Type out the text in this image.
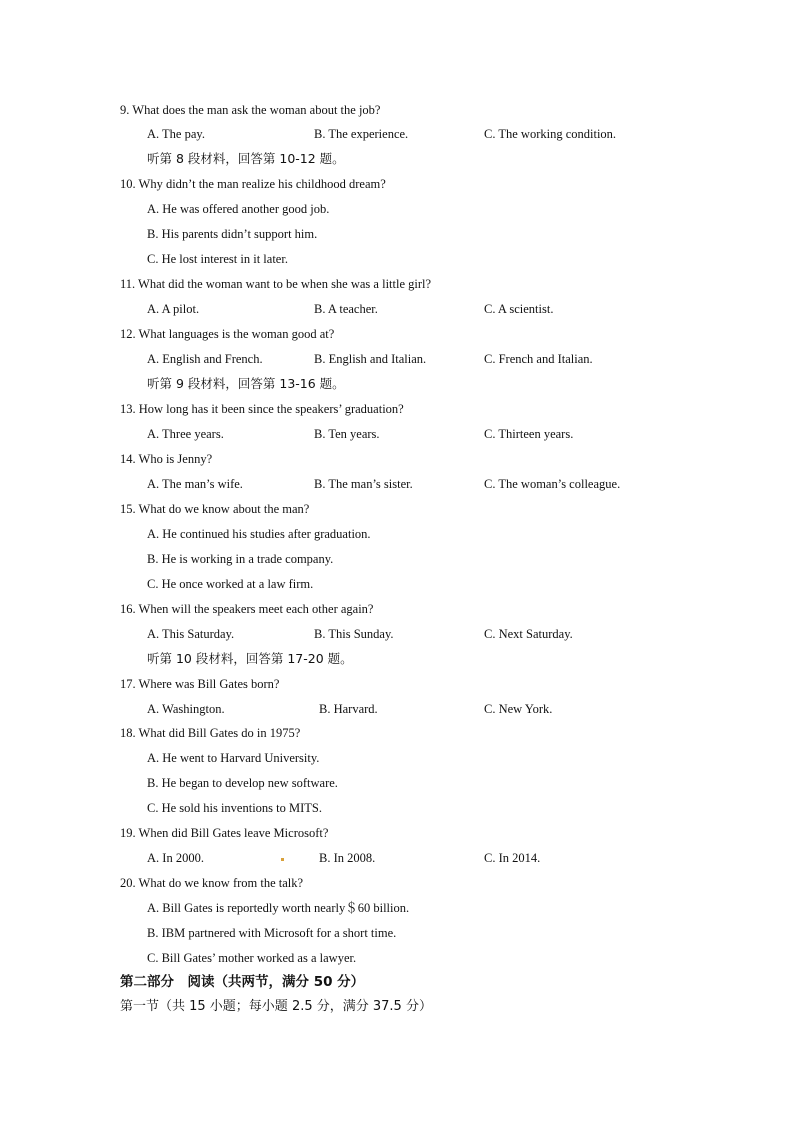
9. What does the man ask the woman about the job?
A. The pay.	B. The experience.	C. The working condition.
听第 8 段材料，回答第 10-12 题。
10. Why didn’t the man realize his childhood dream?
A. He was offered another good job.
B. His parents didn’t support him.
C. He lost interest in it later.
11. What did the woman want to be when she was a little girl?
A. A pilot.	B. A teacher.	C. A scientist.
12. What languages is the woman good at?
A. English and French.	B. English and Italian.	C. French and Italian.
听第 9 段材料，回答第 13-16 题。
13. How long has it been since the speakers’ graduation?
A. Three years.	B. Ten years.	C. Thirteen years.
14. Who is Jenny?
A. The man’s wife.	B. The man’s sister.	C. The woman’s colleague.
15. What do we know about the man?
A. He continued his studies after graduation.
B. He is working in a trade company.
C. He once worked at a law firm.
16. When will the speakers meet each other again?
A. This Saturday.	B. This Sunday.	C. Next Saturday.
听第 10 段材料，回答第 17-20 题。
17. Where was Bill Gates born?
A. Washington.	B. Harvard.	C. New York.
18. What did Bill Gates do in 1975?
A. He went to Harvard University.
B. He began to develop new software.
C. He sold his inventions to MITS.
19. When did Bill Gates leave Microsoft?
A. In 2000.	B. In 2008.	C. In 2014.
20. What do we know from the talk?
A. Bill Gates is reportedly worth nearly＄60 billion.
B. IBM partnered with Microsoft for a short time.
C. Bill Gates’ mother worked as a lawyer.
第二部分　阅读（共两节，满分 50 分）
第一节（共 15 小题；每小题 2.5 分，满分 37.5 分）
